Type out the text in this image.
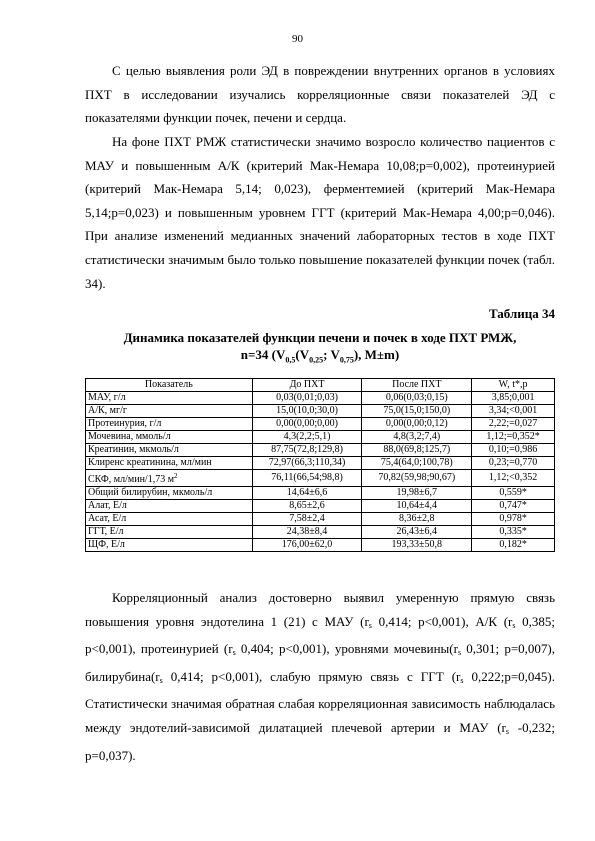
90

С целью выявления роли ЭД в повреждении внутренних органов в условиях ПХТ в исследовании изучались корреляционные связи показателей ЭД с показателями функции почек, печени и сердца.

На фоне ПХТ РМЖ статистически значимо возросло количество пациентов с МАУ и повышенным А/К (критерий Мак-Немара 10,08;p=0,002), протеинурией (критерий Мак-Немара 5,14; 0,023), ферментемией (критерий Мак-Немара 5,14;p=0,023) и повышенным уровнем ГГТ (критерий Мак-Немара 4,00;p=0,046). При анализе изменений медианных значений лабораторных тестов в ходе ПХТ статистически значимым было только повышение показателей функции почек (табл. 34).

Таблица 34
Динамика показателей функции печени и почек в ходе ПХТ РМЖ,
n=34 ($V_{0,5}(V_{0,25}$; $V_{0,75}$), M±m)
Показатель	До ПХТ	После ПХТ	W, t*,p
МАУ, г/л	0,03(0,01;0,03)	0,06(0,03;0,15)	3,85;0,001
А/К, мг/г	15,0(10,0;30,0)	75,0(15,0;150,0)	3,34;<0,001
Протеинурия, г/л	0,00(0,00;0,00)	0,00(0,00;0,12)	2,22;=0,027
Мочевина, ммоль/л	4,3(2,2;5,1)	4,8(3,2;7,4)	1,12;=0,352*
Креатинин, мкмоль/л	87,75(72,8;129,8)	88,0(69,8;125,7)	0,10;=0,986
Клиренс креатинина, мл/мин	72,97(66,3;110,34)	75,4(64,0;100,78)	0,23;=0,770
СКФ, мл/мин/1,73 $м^2$	76,11(66,54;98,8)	70,82(59,98;90,67)	1,12;<0,352
Общий билирубин, мкмоль/л	14,64±6,6	19,98±6,7	0,559*
Алат, Е/л	8,65±2,6	10,64±4,4	0,747*
Асат, Е/л	7,58±2,4	8,36±2,8	0,978*
ГГТ, Е/л	24,38±8,4	26,43±6,4	0,335*
ЩФ, Е/л	176,00±62,0	193,33±50,8	0,182*

Корреляционный анализ достоверно выявил умеренную прямую связь повышения уровня эндотелина 1 (21) с МАУ ($r_s$ 0,414; p<0,001), А/К ($r_s$ 0,385; p<0,001), протеинурией ($r_s$ 0,404; p<0,001), уровнями $мочевины(r_s$ 0,301; p=0,007), $билирубина(r_s$ 0,414; p<0,001), слабую прямую связь с ГГТ ($r_s$ 0,222;p=0,045). Статистически значимая обратная слабая корреляционная зависимость наблюдалась между эндотелий-зависимой дилатацией плечевой артерии и МАУ ($r_s$ -0,232; p=0,037).
